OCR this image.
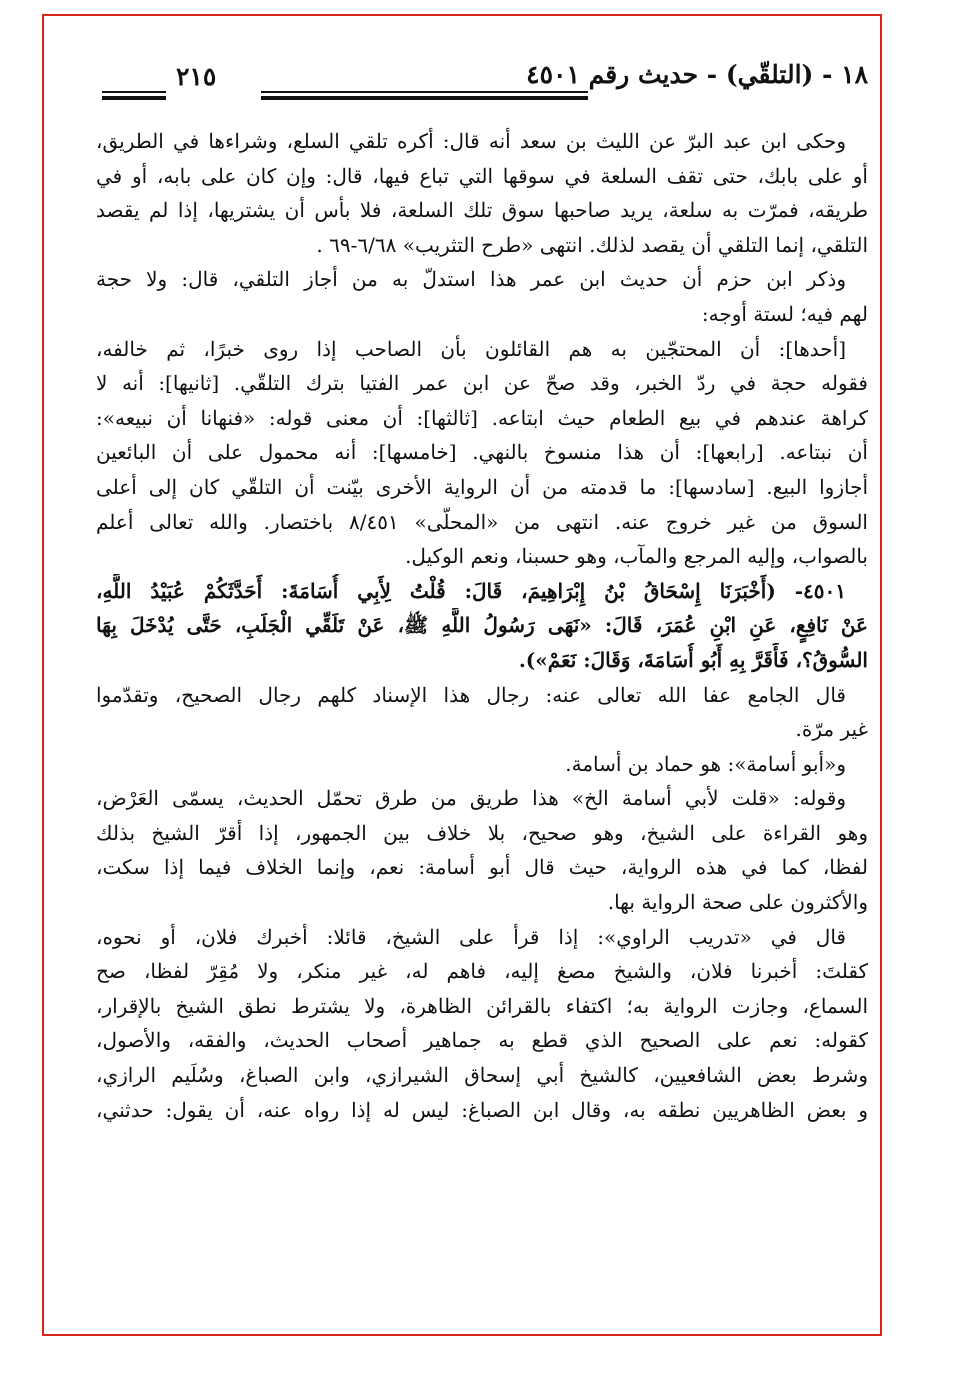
١٨ - (التلقّي) - حديث رقم ٤٥٠١
٢١٥
وحكى ابن عبد البرّ عن الليث بن سعد أنه قال: أكره تلقي السلع، وشراءها في الطريق،
أو على بابك، حتى تقف السلعة في سوقها التي تباع فيها، قال: وإن كان على بابه، أو في
طريقه، فمرّت به سلعة، يريد صاحبها سوق تلك السلعة، فلا بأس أن يشتريها، إذا لم يقصد
التلقي، إنما التلقي أن يقصد لذلك. انتهى «طرح التثريب» ٦/٦٨-٦٩ .
وذكر ابن حزم أن حديث ابن عمر هذا استدلّ به من أجاز التلقي، قال: ولا حجة
لهم فيه؛ لستة أوجه:
[أحدها]: أن المحتجّين به هم القائلون بأن الصاحب إذا روى خبرًا، ثم خالفه،
فقوله حجة في ردّ الخبر، وقد صحّ عن ابن عمر الفتيا بترك التلقّي. [ثانيها]: أنه لا
كراهة عندهم في بيع الطعام حيث ابتاعه. [ثالثها]: أن معنى قوله: «فنهانا أن نبيعه»:
أن نبتاعه. [رابعها]: أن هذا منسوخ بالنهي. [خامسها]: أنه محمول على أن البائعين
أجازوا البيع. [سادسها]: ما قدمته من أن الرواية الأخرى بيّنت أن التلقّي كان إلى أعلى
السوق من غير خروج عنه. انتهى من «المحلّى» ٨/٤٥١ باختصار. والله تعالى أعلم
بالصواب، وإليه المرجع والمآب، وهو حسبنا، ونعم الوكيل.
٤٥٠١- (أَخْبَرَنَا إِسْحَاقُ بْنُ إِبْرَاهِيمَ، قَالَ: قُلْتُ لِأَبِي أُسَامَةَ: أَحَدَّثَكُمْ عُبَيْدُ اللَّهِ،
عَنْ نَافِعٍ، عَنِ ابْنِ عُمَرَ، قَالَ: «نَهَى رَسُولُ اللَّهِ ﷺ، عَنْ تَلَقِّي الْجَلَبِ، حَتَّى يُدْخَلَ بِهَا
السُّوقُ؟، فَأَقَرَّ بِهِ أَبُو أُسَامَةَ، وَقَالَ: نَعَمْ»).
قال الجامع عفا الله تعالى عنه: رجال هذا الإسناد كلهم رجال الصحيح، وتقدّموا
غير مرّة.
و«أبو أسامة»: هو حماد بن أسامة.
وقوله: «قلت لأبي أسامة الخ» هذا طريق من طرق تحمّل الحديث، يسمّى العَرْض،
وهو القراءة على الشيخ، وهو صحيح، بلا خلاف بين الجمهور، إذا أقرّ الشيخ بذلك
لفظا، كما في هذه الرواية، حيث قال أبو أسامة: نعم، وإنما الخلاف فيما إذا سكت،
والأكثرون على صحة الرواية بها.
قال في «تدريب الراوي»: إذا قرأ على الشيخ، قائلا: أخبرك فلان، أو نحوه،
كقلتَ: أخبرنا فلان، والشيخ مصغ إليه، فاهم له، غير منكر، ولا مُقِرّ لفظا، صح
السماع، وجازت الرواية به؛ اكتفاء بالقرائن الظاهرة، ولا يشترط نطق الشيخ بالإقرار،
كقوله: نعم على الصحيح الذي قطع به جماهير أصحاب الحديث، والفقه، والأصول،
وشرط بعض الشافعيين، كالشيخ أبي إسحاق الشيرازي، وابن الصباغ، وسُلَيم الرازي،
و بعض الظاهريين نطقه به، وقال ابن الصباغ: ليس له إذا رواه عنه، أن يقول: حدثني،
